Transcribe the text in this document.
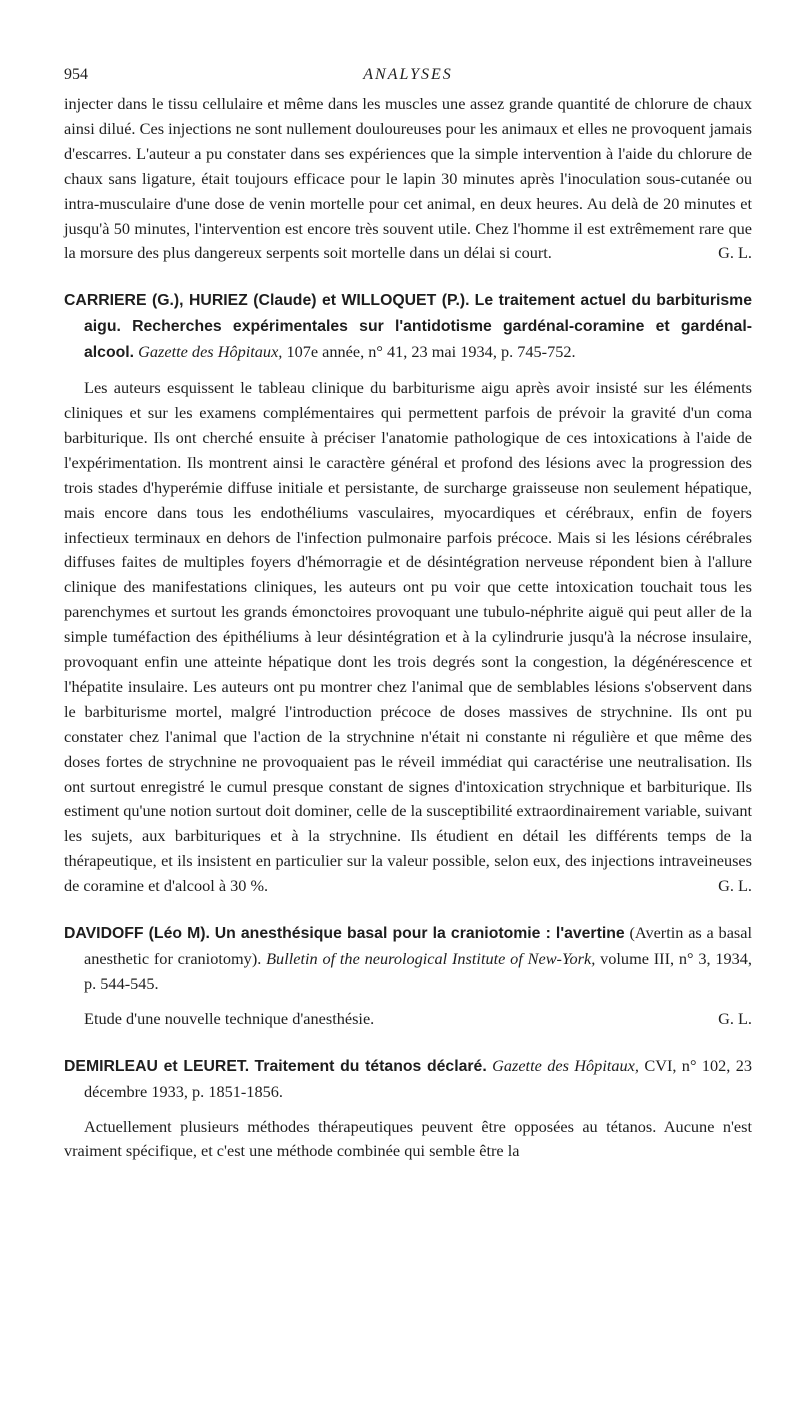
954	ANALYSES

injecter dans le tissu cellulaire et même dans les muscles une assez grande quantité de chlorure de chaux ainsi dilué. Ces injections ne sont nullement douloureuses pour les animaux et elles ne provoquent jamais d'escarres. L'auteur a pu constater dans ses expériences que la simple intervention à l'aide du chlorure de chaux sans ligature, était toujours efficace pour le lapin 30 minutes après l'inoculation sous-cutanée ou intra-musculaire d'une dose de venin mortelle pour cet animal, en deux heures. Au delà de 20 minutes et jusqu'à 50 minutes, l'intervention est encore très souvent utile. Chez l'homme il est extrêmement rare que la morsure des plus dangereux serpents soit mortelle dans un délai si court.	G. L.

CARRIERE (G.), HURIEZ (Claude) et WILLOQUET (P.). Le traitement actuel du barbiturisme aigu. Recherches expérimentales sur l'antidotisme gardénal-coramine et gardénal-alcool. Gazette des Hôpitaux, 107e année, n° 41, 23 mai 1934, p. 745-752.

Les auteurs esquissent le tableau clinique du barbiturisme aigu après avoir insisté sur les éléments cliniques et sur les examens complémentaires qui permettent parfois de prévoir la gravité d'un coma barbiturique. Ils ont cherché ensuite à préciser l'anatomie pathologique de ces intoxications à l'aide de l'expérimentation. Ils montrent ainsi le caractère général et profond des lésions avec la progression des trois stades d'hyperémie diffuse initiale et persistante, de surcharge graisseuse non seulement hépatique, mais encore dans tous les endothéliums vasculaires, myocardiques et cérébraux, enfin de foyers infectieux terminaux en dehors de l'infection pulmonaire parfois précoce. Mais si les lésions cérébrales diffuses faites de multiples foyers d'hémorragie et de désintégration nerveuse répondent bien à l'allure clinique des manifestations cliniques, les auteurs ont pu voir que cette intoxication touchait tous les parenchymes et surtout les grands émonctoires provoquant une tubulo-néphrite aiguë qui peut aller de la simple tuméfaction des épithéliums à leur désintégration et à la cylindrurie jusqu'à la nécrose insulaire, provoquant enfin une atteinte hépatique dont les trois degrés sont la congestion, la dégénérescence et l'hépatite insulaire. Les auteurs ont pu montrer chez l'animal que de semblables lésions s'observent dans le barbiturisme mortel, malgré l'introduction précoce de doses massives de strychnine. Ils ont pu constater chez l'animal que l'action de la strychnine n'était ni constante ni régulière et que même des doses fortes de strychnine ne provoquaient pas le réveil immédiat qui caractérise une neutralisation. Ils ont surtout enregistré le cumul presque constant de signes d'intoxication strychnique et barbiturique. Ils estiment qu'une notion surtout doit dominer, celle de la susceptibilité extraordinairement variable, suivant les sujets, aux barbituriques et à la strychnine. Ils étudient en détail les différents temps de la thérapeutique, et ils insistent en particulier sur la valeur possible, selon eux, des injections intraveineuses de coramine et d'alcool à 30 %.	G. L.

DAVIDOFF (Léo M). Un anesthésique basal pour la craniotomie : l'avertine (Avertin as a basal anesthetic for craniotomy). Bulletin of the neurological Institute of New-York, volume III, n° 3, 1934, p. 544-545.

Etude d'une nouvelle technique d'anesthésie.	G. L.

DEMIRLEAU et LEURET. Traitement du tétanos déclaré. Gazette des Hôpitaux, CVI, n° 102, 23 décembre 1933, p. 1851-1856.

Actuellement plusieurs méthodes thérapeutiques peuvent être opposées au tétanos. Aucune n'est vraiment spécifique, et c'est une méthode combinée qui semble être la
